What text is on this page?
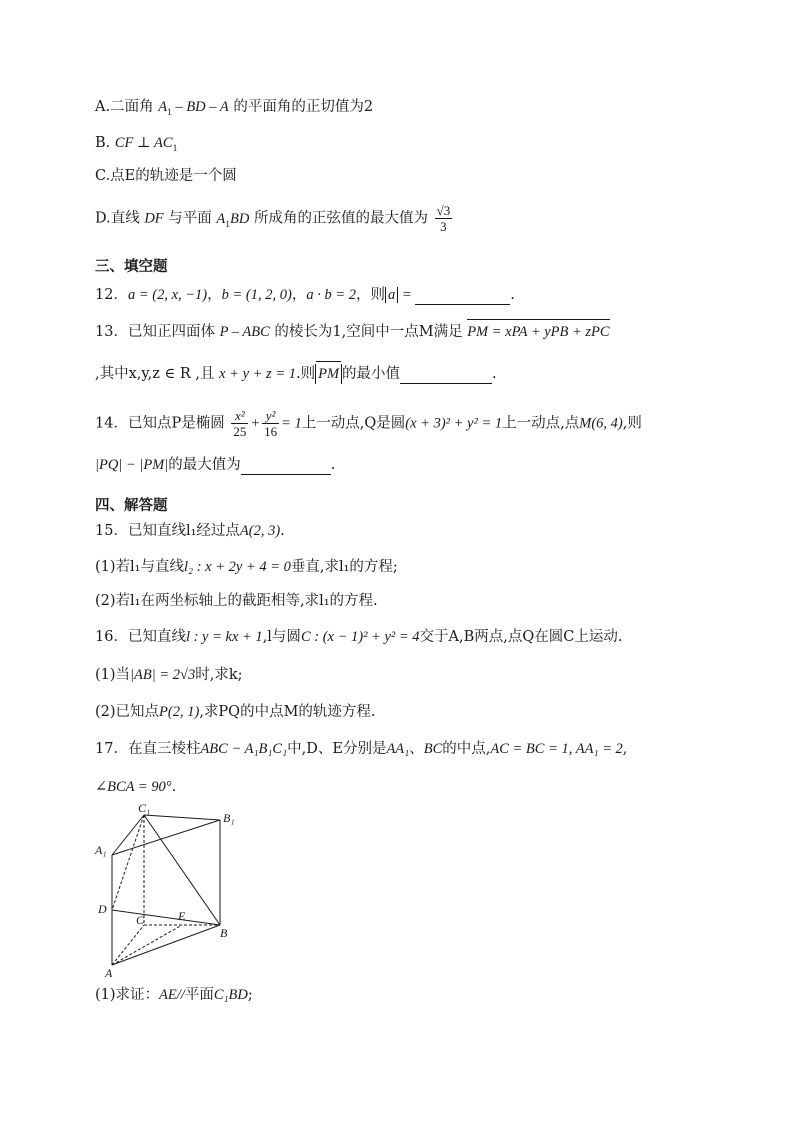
A.二面角 $A_1$ – BD – A 的平面角的正切值为2
B. CF ⊥ $AC_1$
C.点E的轨迹是一个圆
D.直线 DF 与平面 $A_1BD$ 所成角的正弦值的最大值为 $\frac{√3}{3}$
三、填空题
12．a = (2, x, −1)，b = (1, 2, 0)，a · b = 2，则 a =	.
13．已知正四面体 P – ABC 的棱长为1,空间中一点M满足 PM = xPA + yPB + zPC
,其中x,y,z ∈ R ,且 x + y + z = 1.则 PM 的最小值	.
14．已知点P是椭圆 $\frac{\text{x²}}{25} + \frac{\text{y²}}{16} = 1$上一动点,Q是圆(x + 3)² + y² = 1上一动点,点M(6, 4),则
|PQ| − |PM|的最大值为	.
四、解答题
15．已知直线l₁经过点A(2, 3).
(1)若l₁与直线l₂ : x + 2y + 4 = 0垂直,求l₁的方程;
(2)若l₁在两坐标轴上的截距相等,求l₁的方程.
16．已知直线l : y = kx + 1,l与圆C : (x − 1)² + y² = 4交于A,B两点,点Q在圆C上运动.
(1)当|AB| = 2√3时,求k;
(2)已知点P(2, 1),求PQ的中点M的轨迹方程.
17．在直三棱柱ABC − A₁B₁C₁中,D、E分别是AA₁、BC的中点,AC = BC = 1, AA₁ = 2,
∠BCA = 90°.
C₁
B₁
A₁
D
C	E
B
A
(1)求证：AE//平面C₁BD;
